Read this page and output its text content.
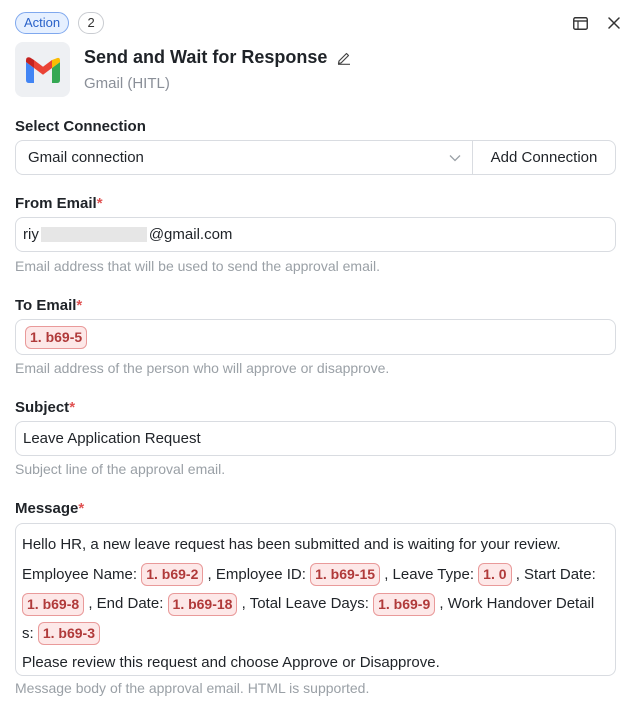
Action	2
Send and Wait for Response
Gmail (HITL)
Select Connection
Gmail connection	Add Connection
From Email*
riy	@gmail.com
Email address that will be used to send the approval email.
To Email*
1. b69-5
Email address of the person who will approve or disapprove.
Subject*
Leave Application Request
Subject line of the approval email.
Message*
Hello HR, a new leave request has been submitted and is waiting for your review.
Employee Name: 1. b69-2 , Employee ID: 1. b69-15 , Leave Type: 1. 0 , Start Date:
1. b69-8 , End Date: 1. b69-18 , Total Leave Days: 1. b69-9 , Work Handover Detail
s: 1. b69-3
Please review this request and choose Approve or Disapprove.
Message body of the approval email. HTML is supported.
